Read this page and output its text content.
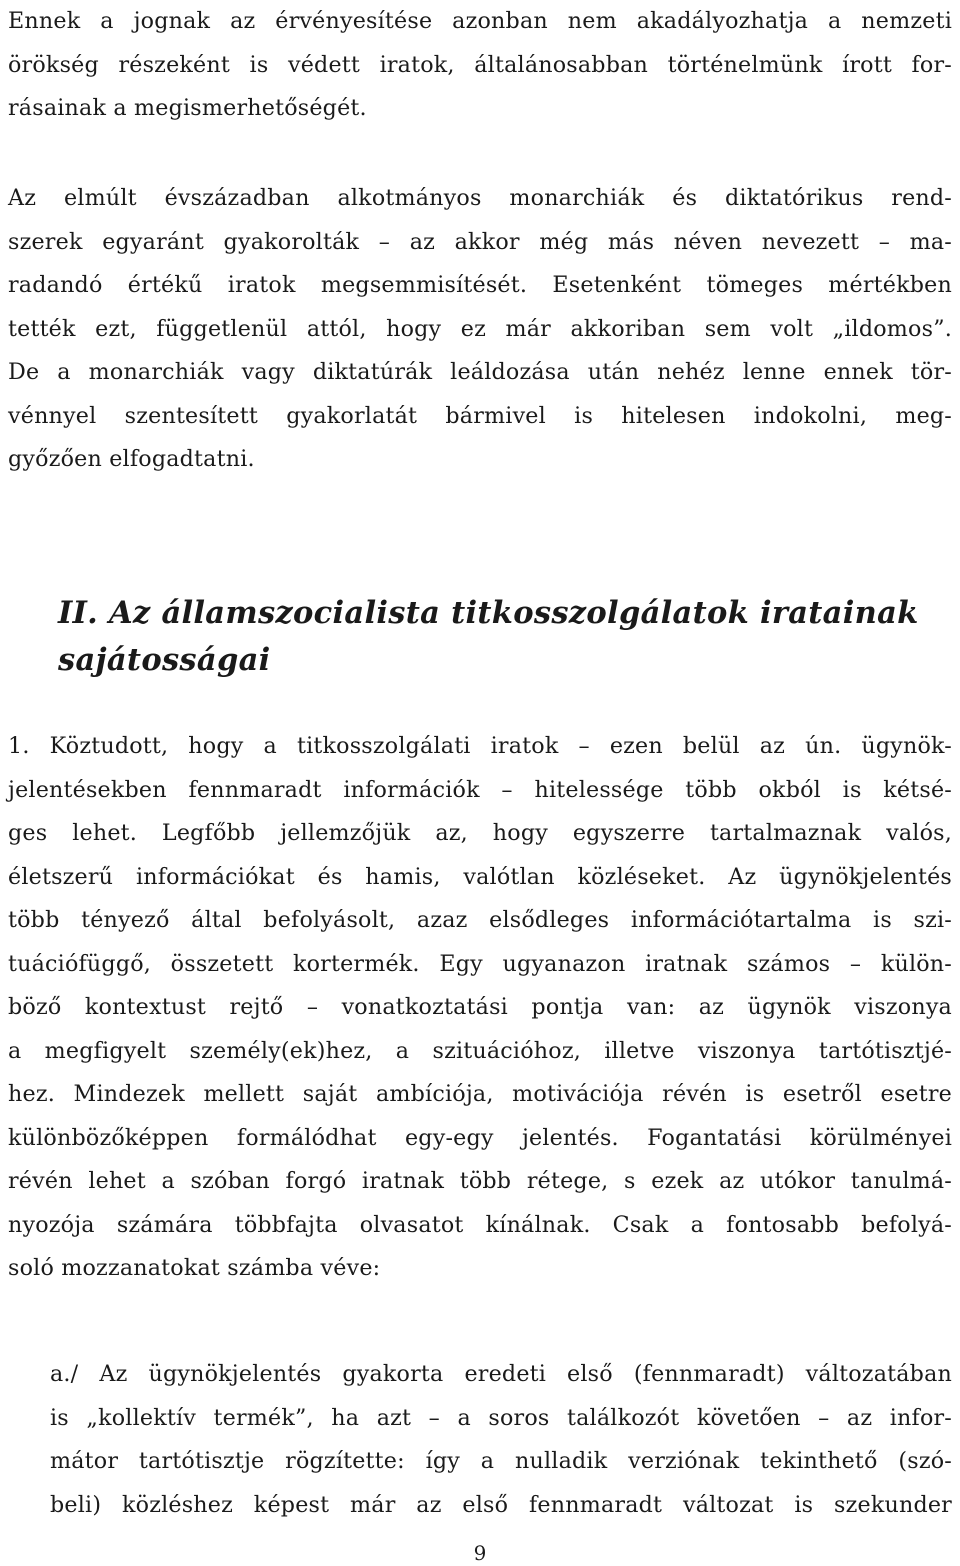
Ennek a jognak az érvényesítése azonban nem akadályozhatja a nemzeti
örökség részeként is védett iratok, általánosabban történelmünk írott for-
rásainak a megismerhetőségét.

Az elmúlt évszázadban alkotmányos monarchiák és diktatórikus rend-
szerek egyaránt gyakorolták – az akkor még más néven nevezett – ma-
radandó értékű iratok megsemmisítését. Esetenként tömeges mértékben
tették ezt, függetlenül attól, hogy ez már akkoriban sem volt „ildomos”.
De a monarchiák vagy diktatúrák leáldozása után nehéz lenne ennek tör-
vénnyel szentesített gyakorlatát bármivel is hitelesen indokolni, meg-
győzően elfogadtatni.

II. Az államszocialista titkosszolgálatok iratainak
sajátosságai

1. Köztudott, hogy a titkosszolgálati iratok – ezen belül az ún. ügynök-
jelentésekben fennmaradt információk – hitelessége több okból is kétsé-
ges lehet. Legfőbb jellemzőjük az, hogy egyszerre tartalmaznak valós,
életszerű információkat és hamis, valótlan közléseket. Az ügynökjelentés
több tényező által befolyásolt, azaz elsődleges információtartalma is szi-
tuációfüggő, összetett kortermék. Egy ugyanazon iratnak számos – külön-
böző kontextust rejtő – vonatkoztatási pontja van: az ügynök viszonya
a megfigyelt személy(ek)hez, a szituációhoz, illetve viszonya tartótisztjé-
hez. Mindezek mellett saját ambíciója, motivációja révén is esetről esetre
különbözőképpen formálódhat egy-egy jelentés. Fogantatási körülményei
révén lehet a szóban forgó iratnak több rétege, s ezek az utókor tanulmá-
nyozója számára többfajta olvasatot kínálnak. Csak a fontosabb befolyá-
soló mozzanatokat számba véve:

a./ Az ügynökjelentés gyakorta eredeti első (fennmaradt) változatában
is „kollektív termék”, ha azt – a soros találkozót követően – az infor-
mátor tartótisztje rögzítette: így a nulladik verziónak tekinthető (szó-
beli) közléshez képest már az első fennmaradt változat is szekunder

9
